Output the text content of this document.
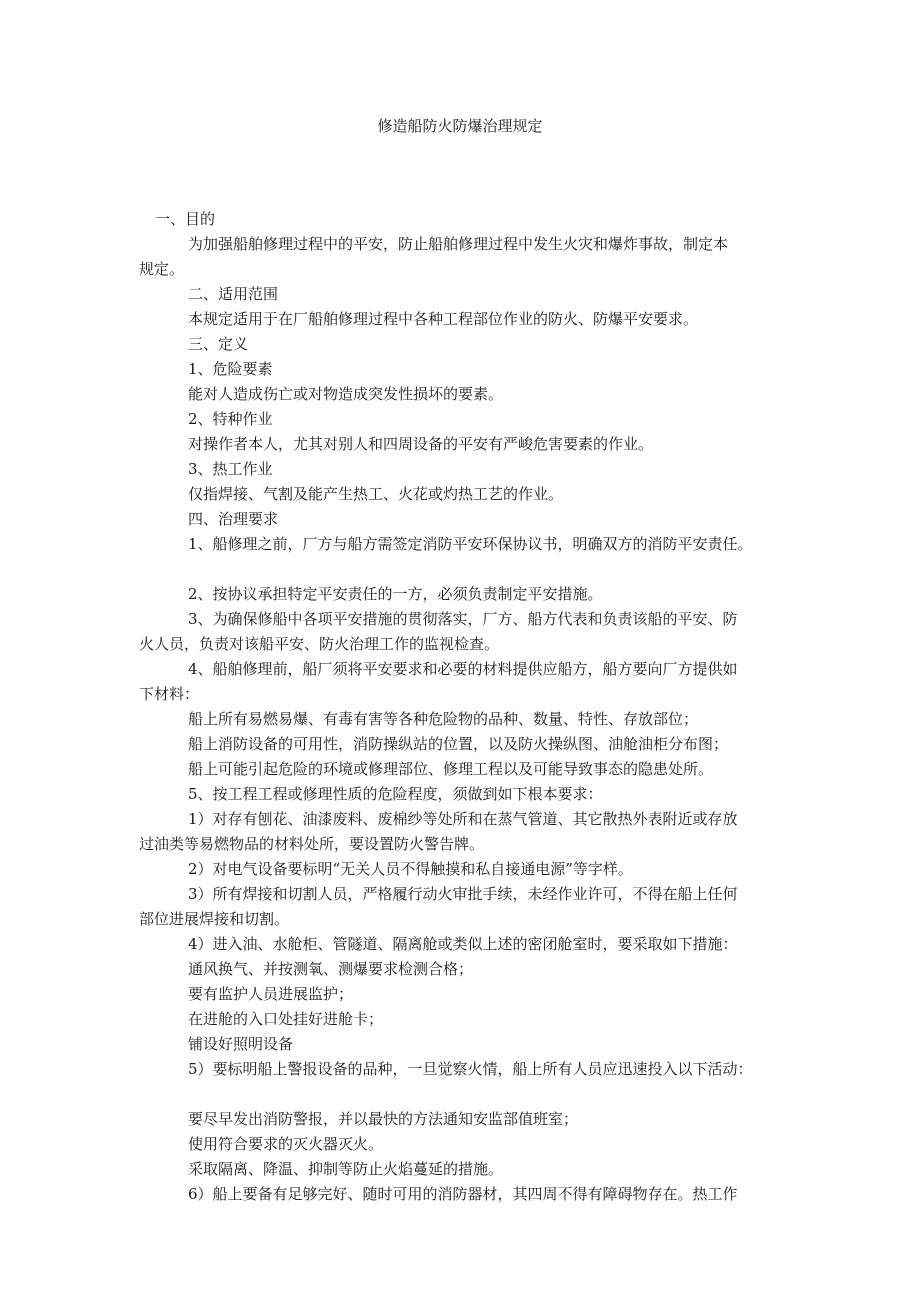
修造船防火防爆治理规定
一、目的
为加强船舶修理过程中的平安，防止船舶修理过程中发生火灾和爆炸事故，制定本
规定。
二、适用范围
本规定适用于在厂船舶修理过程中各种工程部位作业的防火、防爆平安要求。
三、定义
1、危险要素
能对人造成伤亡或对物造成突发性损坏的要素。
2、特种作业
对操作者本人，尤其对别人和四周设备的平安有严峻危害要素的作业。
3、热工作业
仅指焊接、气割及能产生热工、火花或灼热工艺的作业。
四、治理要求
1、船修理之前，厂方与船方需签定消防平安环保协议书，明确双方的消防平安责任。
2、按协议承担特定平安责任的一方，必须负责制定平安措施。
3、为确保修船中各项平安措施的贯彻落实，厂方、船方代表和负责该船的平安、防
火人员，负责对该船平安、防火治理工作的监视检查。
4、船舶修理前，船厂须将平安要求和必要的材料提供应船方，船方要向厂方提供如
下材料：
船上所有易燃易爆、有毒有害等各种危险物的品种、数量、特性、存放部位；
船上消防设备的可用性，消防操纵站的位置，以及防火操纵图、油舱油柜分布图；
船上可能引起危险的环境或修理部位、修理工程以及可能导致事态的隐患处所。
5、按工程工程或修理性质的危险程度，须做到如下根本要求：
1）对存有刨花、油漆废料、废棉纱等处所和在蒸气管道、其它散热外表附近或存放
过油类等易燃物品的材料处所，要设置防火警告牌。
2）对电气设备要标明“无关人员不得触摸和私自接通电源”等字样。
3）所有焊接和切割人员，严格履行动火审批手续，未经作业许可，不得在船上任何
部位进展焊接和切割。
4）进入油、水舱柜、管隧道、隔离舱或类似上述的密闭舱室时，要采取如下措施：
通风换气、并按测氧、测爆要求检测合格；
要有监护人员进展监护；
在进舱的入口处挂好进舱卡；
铺设好照明设备
5）要标明船上警报设备的品种，一旦觉察火情，船上所有人员应迅速投入以下活动：
要尽早发出消防警报，并以最快的方法通知安监部值班室；
使用符合要求的灭火器灭火。
采取隔离、降温、抑制等防止火焰蔓延的措施。
6）船上要备有足够完好、随时可用的消防器材，其四周不得有障碍物存在。热工作
